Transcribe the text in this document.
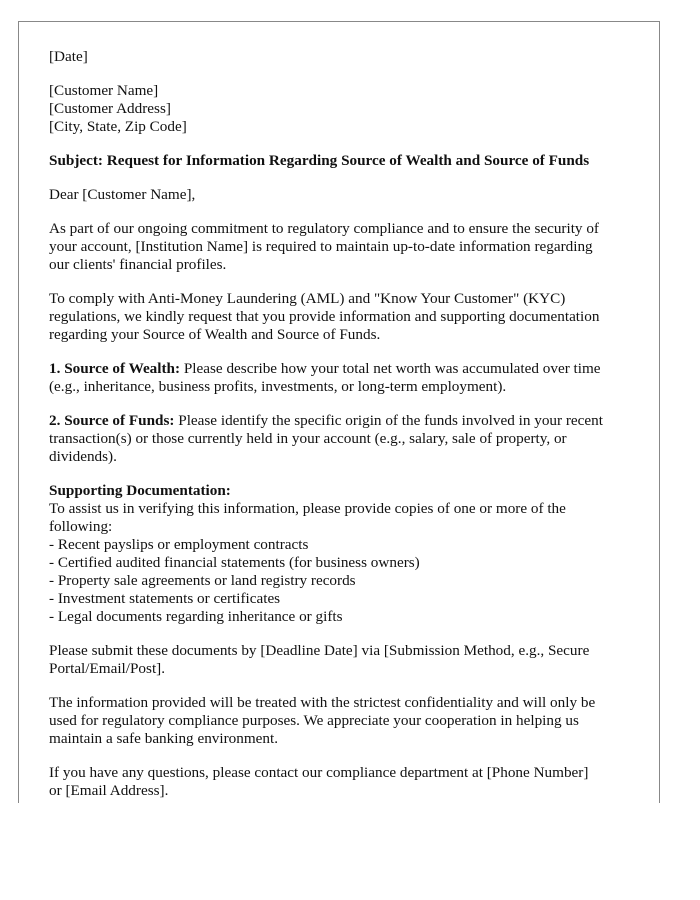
[Date]
[Customer Name]
[Customer Address]
[City, State, Zip Code]
Subject: Request for Information Regarding Source of Wealth and Source of Funds
Dear [Customer Name],
As part of our ongoing commitment to regulatory compliance and to ensure the security of
your account, [Institution Name] is required to maintain up-to-date information regarding
our clients' financial profiles.
To comply with Anti-Money Laundering (AML) and "Know Your Customer" (KYC)
regulations, we kindly request that you provide information and supporting documentation
regarding your Source of Wealth and Source of Funds.
1. Source of Wealth: Please describe how your total net worth was accumulated over time
(e.g., inheritance, business profits, investments, or long-term employment).
2. Source of Funds: Please identify the specific origin of the funds involved in your recent
transaction(s) or those currently held in your account (e.g., salary, sale of property, or
dividends).
Supporting Documentation:
To assist us in verifying this information, please provide copies of one or more of the
following:
- Recent payslips or employment contracts
- Certified audited financial statements (for business owners)
- Property sale agreements or land registry records
- Investment statements or certificates
- Legal documents regarding inheritance or gifts
Please submit these documents by [Deadline Date] via [Submission Method, e.g., Secure
Portal/Email/Post].
The information provided will be treated with the strictest confidentiality and will only be
used for regulatory compliance purposes. We appreciate your cooperation in helping us
maintain a safe banking environment.
If you have any questions, please contact our compliance department at [Phone Number]
or [Email Address].
